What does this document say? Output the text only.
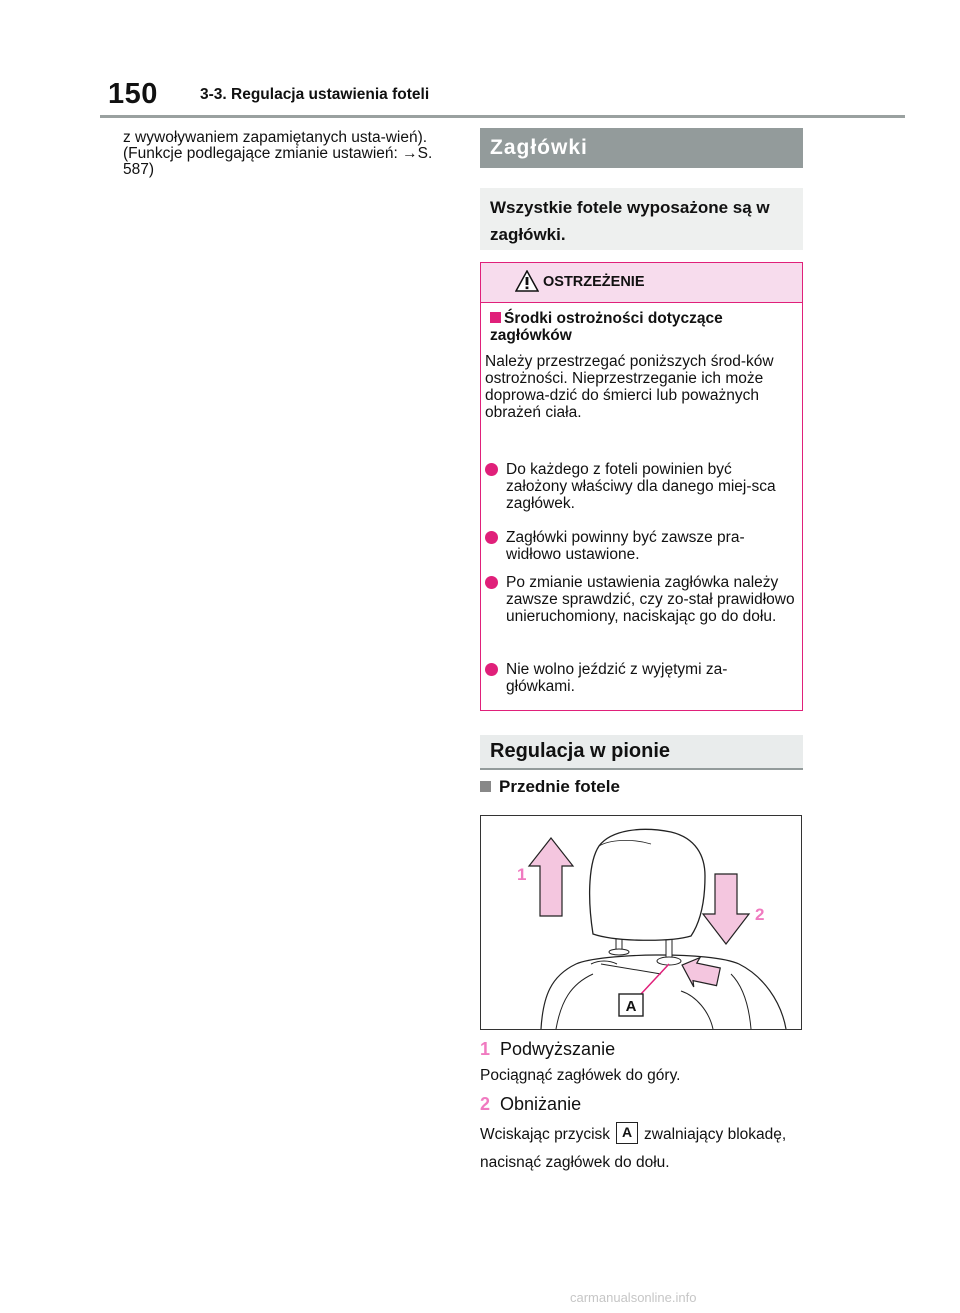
150	3-3. Regulacja ustawienia foteli
z wywoływaniem zapamiętanych usta-wień). (Funkcje podlegające zmianie ustawień: →S. 587)
Zagłówki
Wszystkie fotele wyposażone są w zagłówki.
OSTRZEŻENIE
Środki ostrożności dotyczące zagłówków
Należy przestrzegać poniższych środ-ków ostrożności. Nieprzestrzeganie ich może doprowa-dzić do śmierci lub poważnych obrażeń ciała.
Do każdego z foteli powinien być założony właściwy dla danego miej-sca zagłówek.
Zagłówki powinny być zawsze pra-widłowo ustawione.
Po zmianie ustawienia zagłówka należy zawsze sprawdzić, czy zo-stał prawidłowo unieruchomiony, naciskając go do dołu.
Nie wolno jeździć z wyjętymi za-główkami.
Regulacja w pionie
Przednie fotele
1
2
A
1 Podwyższanie
Pociągnąć zagłówek do góry.
2 Obniżanie
Wciskając przycisk A zwalniający blokadę, nacisnąć zagłówek do dołu.
carmanualsonline.info
